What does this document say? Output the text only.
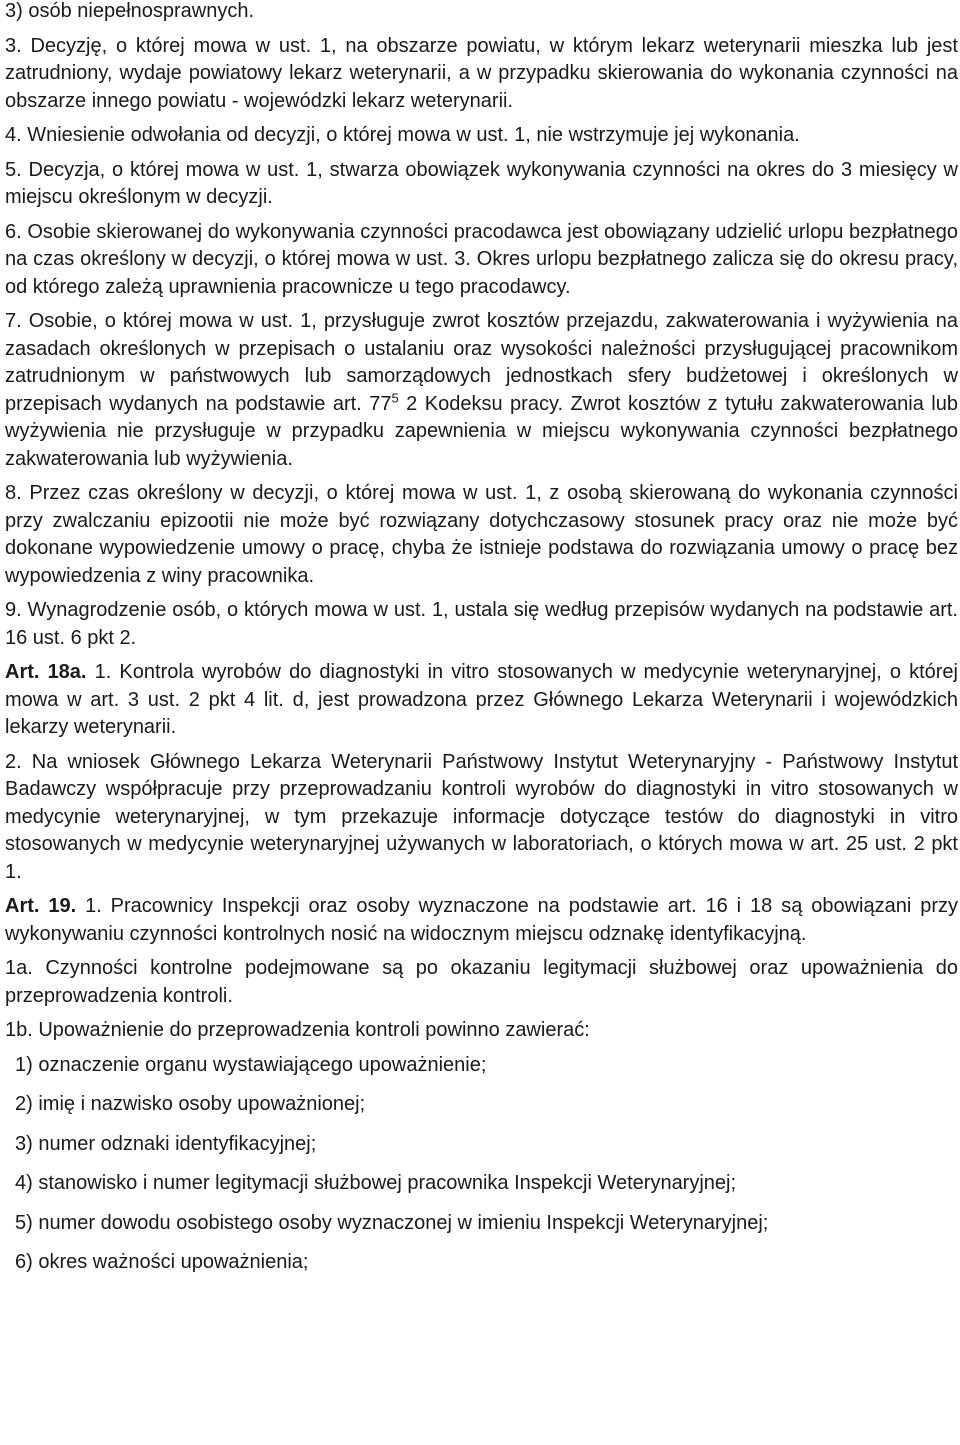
3) osób niepełnosprawnych.

3. Decyzję, o której mowa w ust. 1, na obszarze powiatu, w którym lekarz weterynarii mieszka lub jest zatrudniony, wydaje powiatowy lekarz weterynarii, a w przypadku skierowania do wykonania czynności na obszarze innego powiatu - wojewódzki lekarz weterynarii.

4. Wniesienie odwołania od decyzji, o której mowa w ust. 1, nie wstrzymuje jej wykonania.

5. Decyzja, o której mowa w ust. 1, stwarza obowiązek wykonywania czynności na okres do 3 miesięcy w miejscu określonym w decyzji.

6. Osobie skierowanej do wykonywania czynności pracodawca jest obowiązany udzielić urlopu bezpłatnego na czas określony w decyzji, o której mowa w ust. 3. Okres urlopu bezpłatnego zalicza się do okresu pracy, od którego zależą uprawnienia pracownicze u tego pracodawcy.

7. Osobie, o której mowa w ust. 1, przysługuje zwrot kosztów przejazdu, zakwaterowania i wyżywienia na zasadach określonych w przepisach o ustalaniu oraz wysokości należności przysługującej pracownikom zatrudnionym w państwowych lub samorządowych jednostkach sfery budżetowej i określonych w przepisach wydanych na podstawie art. $77^5$ 2 Kodeksu pracy. Zwrot kosztów z tytułu zakwaterowania lub wyżywienia nie przysługuje w przypadku zapewnienia w miejscu wykonywania czynności bezpłatnego zakwaterowania lub wyżywienia.

8. Przez czas określony w decyzji, o której mowa w ust. 1, z osobą skierowaną do wykonania czynności przy zwalczaniu epizootii nie może być rozwiązany dotychczasowy stosunek pracy oraz nie może być dokonane wypowiedzenie umowy o pracę, chyba że istnieje podstawa do rozwiązania umowy o pracę bez wypowiedzenia z winy pracownika.

9. Wynagrodzenie osób, o których mowa w ust. 1, ustala się według przepisów wydanych na podstawie art. 16 ust. 6 pkt 2.

Art. 18a. 1. Kontrola wyrobów do diagnostyki in vitro stosowanych w medycynie weterynaryjnej, o której mowa w art. 3 ust. 2 pkt 4 lit. d, jest prowadzona przez Głównego Lekarza Weterynarii i wojewódzkich lekarzy weterynarii.

2. Na wniosek Głównego Lekarza Weterynarii Państwowy Instytut Weterynaryjny - Państwowy Instytut Badawczy współpracuje przy przeprowadzaniu kontroli wyrobów do diagnostyki in vitro stosowanych w medycynie weterynaryjnej, w tym przekazuje informacje dotyczące testów do diagnostyki in vitro stosowanych w medycynie weterynaryjnej używanych w laboratoriach, o których mowa w art. 25 ust. 2 pkt 1.

Art. 19. 1. Pracownicy Inspekcji oraz osoby wyznaczone na podstawie art. 16 i 18 są obowiązani przy wykonywaniu czynności kontrolnych nosić na widocznym miejscu odznakę identyfikacyjną.

1a. Czynności kontrolne podejmowane są po okazaniu legitymacji służbowej oraz upoważnienia do przeprowadzenia kontroli.

1b. Upoważnienie do przeprowadzenia kontroli powinno zawierać:

1) oznaczenie organu wystawiającego upoważnienie;

2) imię i nazwisko osoby upoważnionej;

3) numer odznaki identyfikacyjnej;

4) stanowisko i numer legitymacji służbowej pracownika Inspekcji Weterynaryjnej;

5) numer dowodu osobistego osoby wyznaczonej w imieniu Inspekcji Weterynaryjnej;

6) okres ważności upoważnienia;
